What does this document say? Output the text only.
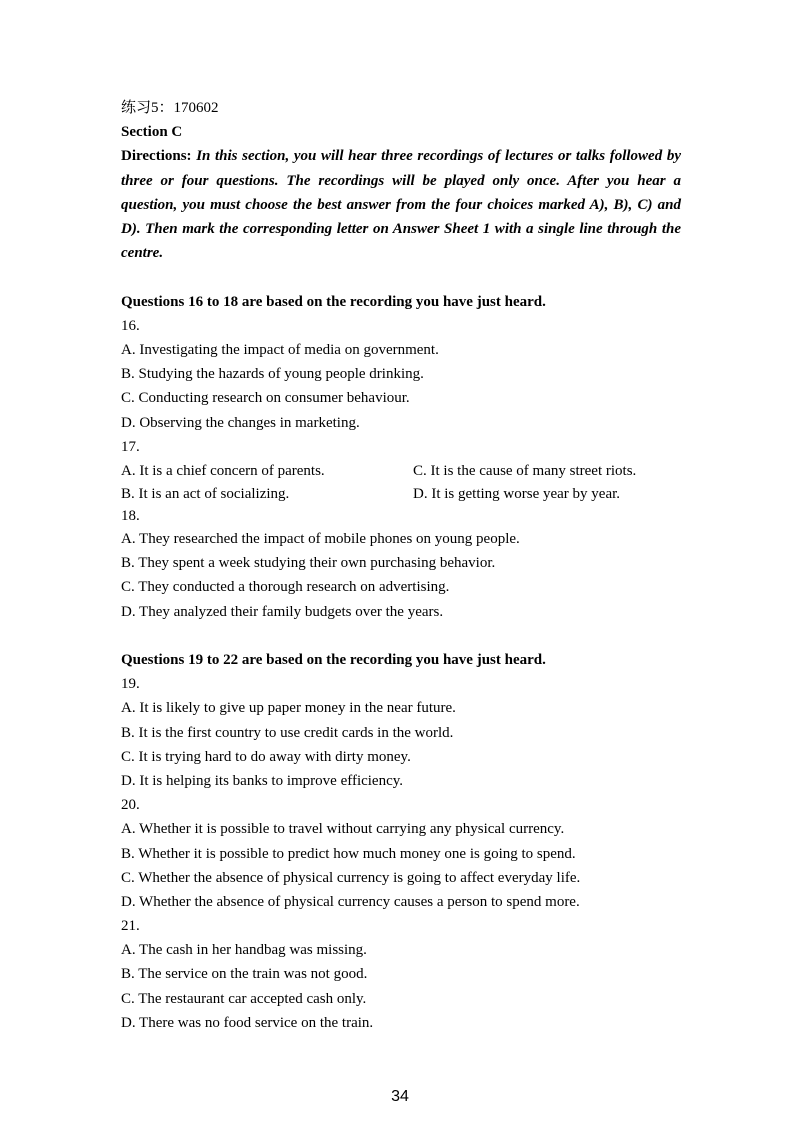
练习5：170602
Section C
Directions: In this section, you will hear three recordings of lectures or talks followed by three or four questions. The recordings will be played only once. After you hear a question, you must choose the best answer from the four choices marked A), B), C) and D). Then mark the corresponding letter on Answer Sheet 1 with a single line through the centre.
Questions 16 to 18 are based on the recording you have just heard.
16.
A. Investigating the impact of media on government.
B. Studying the hazards of young people drinking.
C. Conducting research on consumer behaviour.
D. Observing the changes in marketing.
17.
A. It is a chief concern of parents.	C. It is the cause of many street riots.
B. It is an act of socializing.	D. It is getting worse year by year.
18.
A. They researched the impact of mobile phones on young people.
B. They spent a week studying their own purchasing behavior.
C. They conducted a thorough research on advertising.
D. They analyzed their family budgets over the years.
Questions 19 to 22 are based on the recording you have just heard.
19.
A. It is likely to give up paper money in the near future.
B. It is the first country to use credit cards in the world.
C. It is trying hard to do away with dirty money.
D. It is helping its banks to improve efficiency.
20.
A. Whether it is possible to travel without carrying any physical currency.
B. Whether it is possible to predict how much money one is going to spend.
C. Whether the absence of physical currency is going to affect everyday life.
D. Whether the absence of physical currency causes a person to spend more.
21.
A. The cash in her handbag was missing.
B. The service on the train was not good.
C. The restaurant car accepted cash only.
D. There was no food service on the train.
34
